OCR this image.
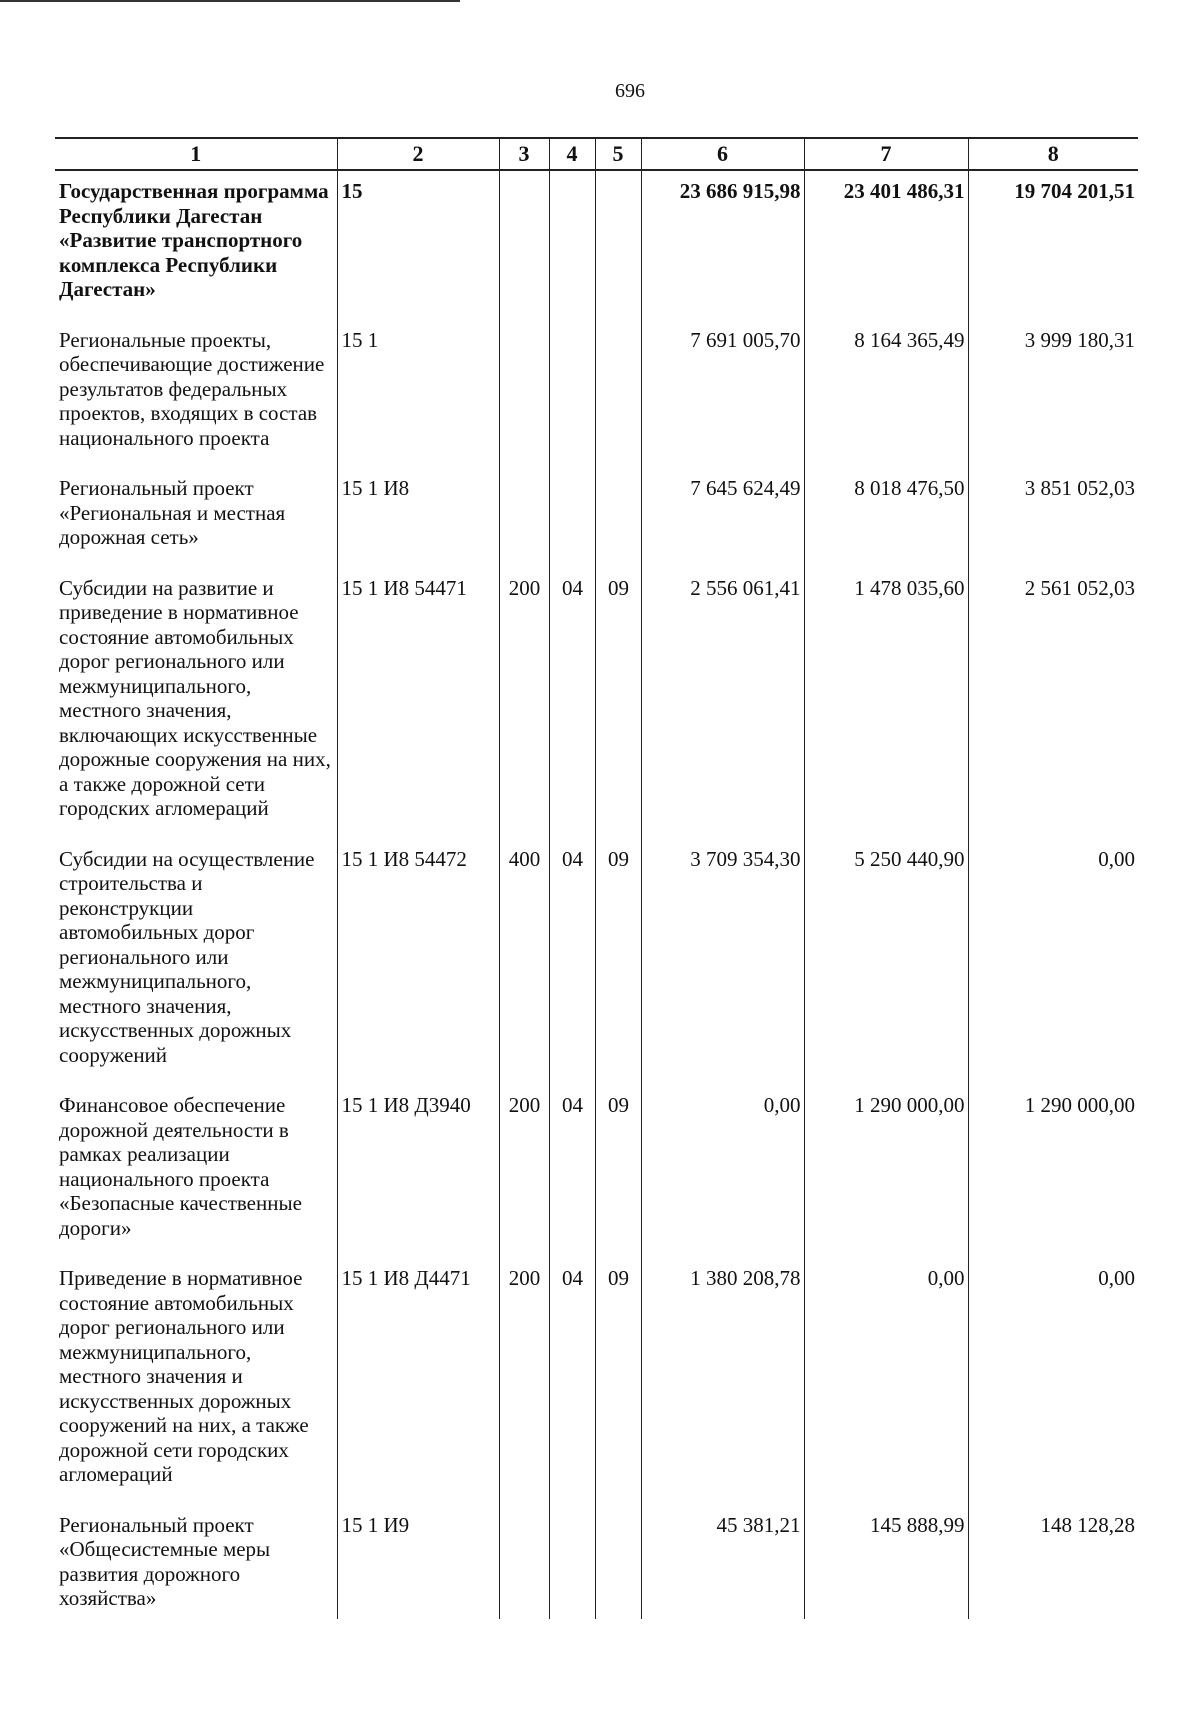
696
1	2	3	4	5	6	7	8
Государственная программа Республики Дагестан «Развитие транспортного комплекса Республики Дагестан»	15				23 686 915,98	23 401 486,31	19 704 201,51
Региональные проекты, обеспечивающие достижение результатов федеральных проектов, входящих в состав национального проекта	15 1				7 691 005,70	8 164 365,49	3 999 180,31
Региональный проект «Региональная и местная дорожная сеть»	15 1 И8				7 645 624,49	8 018 476,50	3 851 052,03
Субсидии на развитие и приведение в нормативное состояние автомобильных дорог регионального или межмуниципального, местного значения, включающих искусственные дорожные сооружения на них, а также дорожной сети городских агломераций	15 1 И8 54471	200	04	09	2 556 061,41	1 478 035,60	2 561 052,03
Субсидии на осуществление строительства и реконструкции автомобильных дорог регионального или межмуниципального, местного значения, искусственных дорожных сооружений	15 1 И8 54472	400	04	09	3 709 354,30	5 250 440,90	0,00
Финансовое обеспечение дорожной деятельности в рамках реализации национального проекта «Безопасные качественные дороги»	15 1 И8 Д3940	200	04	09	0,00	1 290 000,00	1 290 000,00
Приведение в нормативное состояние автомобильных дорог регионального или межмуниципального, местного значения и искусственных дорожных сооружений на них, а также дорожной сети городских агломераций	15 1 И8 Д4471	200	04	09	1 380 208,78	0,00	0,00
Региональный проект «Общесистемные меры развития дорожного хозяйства»	15 1 И9				45 381,21	145 888,99	148 128,28
